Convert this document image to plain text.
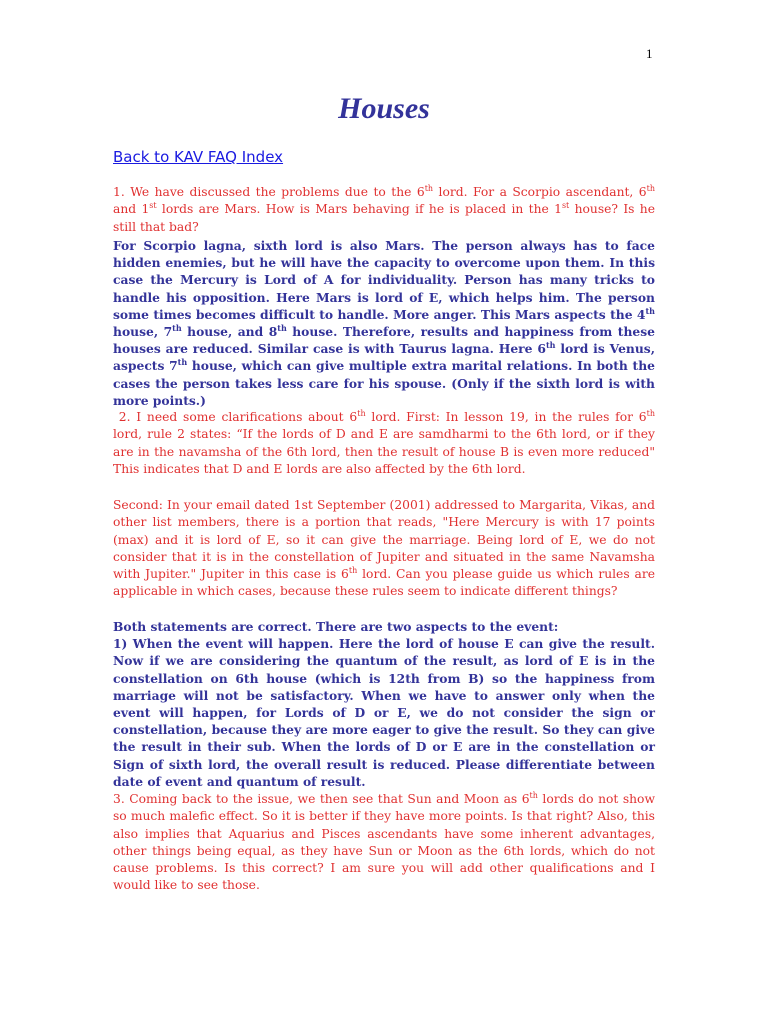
1
Houses
Back to KAV FAQ Index

1. We have discussed the problems due to the 6th lord. For a Scorpio ascendant, 6th and 1st lords are Mars. How is Mars behaving if he is placed in the 1st house? Is he still that bad?

For Scorpio lagna, sixth lord is also Mars. The person always has to face hidden enemies, but he will have the capacity to overcome upon them. In this case the Mercury is Lord of A for individuality. Person has many tricks to handle his opposition. Here Mars is lord of E, which helps him. The person some times becomes difficult to handle. More anger. This Mars aspects the 4th house, 7th house, and 8th house. Therefore, results and happiness from these houses are reduced. Similar case is with Taurus lagna. Here 6th lord is Venus, aspects 7th house, which can give multiple extra marital relations. In both the cases the person takes less care for his spouse. (Only if the sixth lord is with more points.)

2. I need some clarifications about 6th lord. First: In lesson 19, in the rules for 6th lord, rule 2 states: “If the lords of D and E are samdharmi to the 6th lord, or if they are in the navamsha of the 6th lord, then the result of house B is even more reduced" This indicates that D and E lords are also affected by the 6th lord.

Second: In your email dated 1st September (2001) addressed to Margarita, Vikas, and other list members, there is a portion that reads, "Here Mercury is with 17 points (max) and it is lord of E, so it can give the marriage. Being lord of E, we do not consider that it is in the constellation of Jupiter and situated in the same Navamsha with Jupiter." Jupiter in this case is 6th lord. Can you please guide us which rules are applicable in which cases, because these rules seem to indicate different things?

Both statements are correct. There are two aspects to the event:

1) When the event will happen. Here the lord of house E can give the result. Now if we are considering the quantum of the result, as lord of E is in the constellation on 6th house (which is 12th from B) so the happiness from marriage will not be satisfactory. When we have to answer only when the event will happen, for Lords of D or E, we do not consider the sign or constellation, because they are more eager to give the result. So they can give the result in their sub. When the lords of D or E are in the constellation or Sign of sixth lord, the overall result is reduced. Please differentiate between date of event and quantum of result.

3. Coming back to the issue, we then see that Sun and Moon as 6th lords do not show so much malefic effect. So it is better if they have more points. Is that right? Also, this also implies that Aquarius and Pisces ascendants have some inherent advantages, other things being equal, as they have Sun or Moon as the 6th lords, which do not cause problems. Is this correct? I am sure you will add other qualifications and I would like to see those.
